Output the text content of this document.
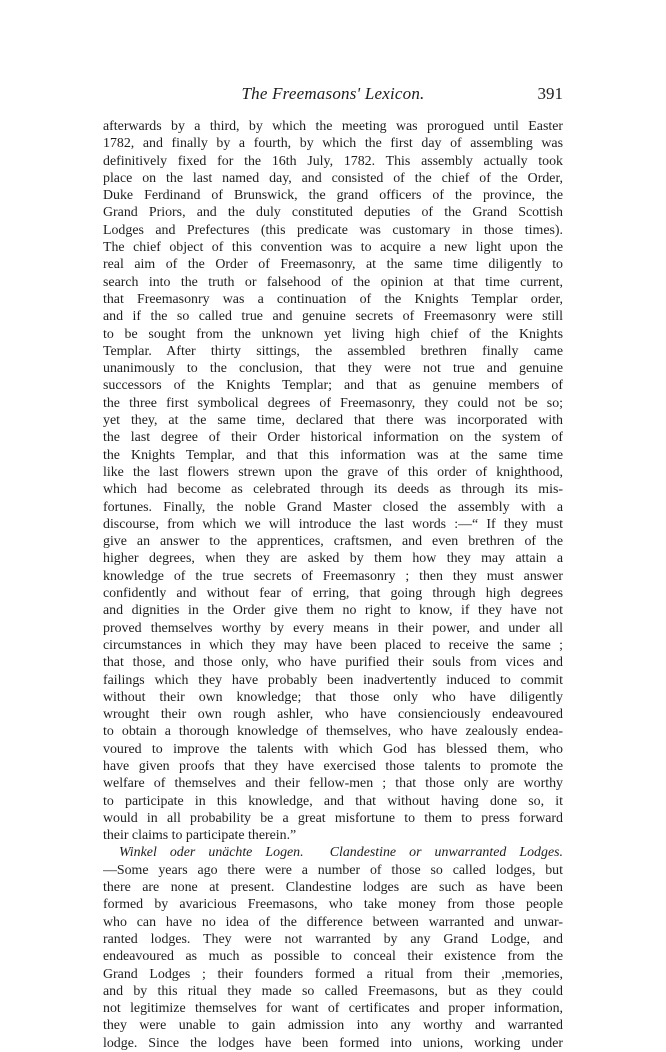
The Freemasons' Lexicon.	391
afterwards by a third, by which the meeting was prorogued until Easter
1782, and finally by a fourth, by which the first day of assembling was
definitively fixed for the 16th July, 1782. This assembly actually took
place on the last named day, and consisted of the chief of the Order,
Duke Ferdinand of Brunswick, the grand officers of the province, the
Grand Priors, and the duly constituted deputies of the Grand Scottish
Lodges and Prefectures (this predicate was customary in those times).
The chief object of this convention was to acquire a new light upon the
real aim of the Order of Freemasonry, at the same time diligently to
search into the truth or falsehood of the opinion at that time current,
that Freemasonry was a continuation of the Knights Templar order,
and if the so called true and genuine secrets of Freemasonry were still
to be sought from the unknown yet living high chief of the Knights
Templar. After thirty sittings, the assembled brethren finally came
unanimously to the conclusion, that they were not true and genuine
successors of the Knights Templar; and that as genuine members of
the three first symbolical degrees of Freemasonry, they could not be so;
yet they, at the same time, declared that there was incorporated with
the last degree of their Order historical information on the system of
the Knights Templar, and that this information was at the same time
like the last flowers strewn upon the grave of this order of knighthood,
which had become as celebrated through its deeds as through its mis-
fortunes. Finally, the noble Grand Master closed the assembly with a
discourse, from which we will introduce the last words :—“ If they must
give an answer to the apprentices, craftsmen, and even brethren of the
higher degrees, when they are asked by them how they may attain a
knowledge of the true secrets of Freemasonry ; then they must answer
confidently and without fear of erring, that going through high degrees
and dignities in the Order give them no right to know, if they have not
proved themselves worthy by every means in their power, and under all
circumstances in which they may have been placed to receive the same ;
that those, and those only, who have purified their souls from vices and
failings which they have probably been inadvertently induced to commit
without their own knowledge; that those only who have diligently
wrought their own rough ashler, who have consienciously endeavoured
to obtain a thorough knowledge of themselves, who have zealously endea-
voured to improve the talents with which God has blessed them, who
have given proofs that they have exercised those talents to promote the
welfare of themselves and their fellow-men ; that those only are worthy
to participate in this knowledge, and that without having done so, it
would in all probability be a great misfortune to them to press forward
their claims to participate therein.”
Winkel oder unächte Logen. Clandestine or unwarranted Lodges.
—Some years ago there were a number of those so called lodges, but
there are none at present. Clandestine lodges are such as have been
formed by avaricious Freemasons, who take money from those people
who can have no idea of the difference between warranted and unwar-
ranted lodges. They were not warranted by any Grand Lodge, and
endeavoured as much as possible to conceal their existence from the
Grand Lodges ; their founders formed a ritual from their ,memories,
and by this ritual they made so called Freemasons, but as they could
not legitimize themselves for want of certificates and proper information,
they were unable to gain admission into any worthy and warranted
lodge. Since the lodges have been formed into unions, working under
